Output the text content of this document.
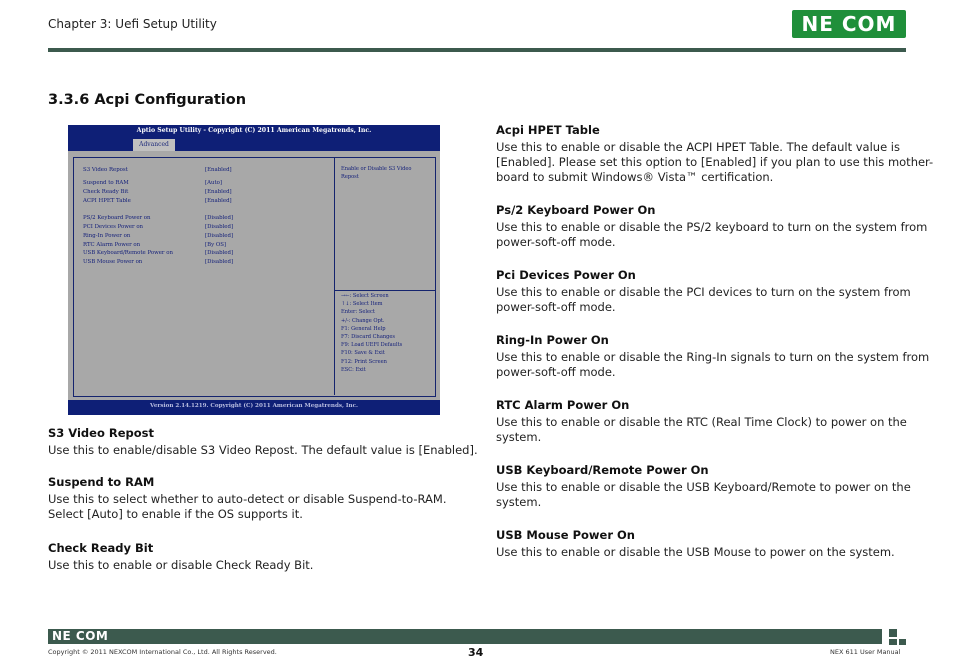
Chapter 3: Uefi Setup Utility	NE COM
3.3.6 Acpi Configuration
Aptio Setup Utility - Copyright (C) 2011 American Megatrends, Inc.
Advanced
S3 Video Repost	[Enabled]
Suspend to RAM	[Auto]
Check Ready Bit	[Enabled]
ACPI HPET Table	[Enabled]
PS/2 Keyboard Power on	[Disabled]
PCI Devices Power on	[Disabled]
Ring-In Power on	[Disabled]
RTC Alarm Power on	[By OS]
USB Keyboard/Remote Power on	[Disabled]
USB Mouse Power on	[Disabled]
Enable or Disable S3 Video Repost
→←: Select Screen
↑↓: Select Item
Enter: Select
+/-: Change Opt.
F1: General Help
F7: Discard Changes
F9: Load UEFI Defaults
F10: Save & Exit
F12: Print Screen
ESC: Exit
Version 2.14.1219. Copyright (C) 2011 American Megatrends, Inc.
S3 Video Repost
Use this to enable/disable S3 Video Repost. The default value is [Enabled].
Suspend to RAM
Use this to select whether to auto-detect or disable Suspend-to-RAM.
Select [Auto] to enable if the OS supports it.
Check Ready Bit
Use this to enable or disable Check Ready Bit.
Acpi HPET Table
Use this to enable or disable the ACPI HPET Table. The default value is
[Enabled]. Please set this option to [Enabled] if you plan to use this mother-
board to submit Windows® Vista™ certification.
Ps/2 Keyboard Power On
Use this to enable or disable the PS/2 keyboard to turn on the system from
power-soft-off mode.
Pci Devices Power On
Use this to enable or disable the PCI devices to turn on the system from
power-soft-off mode.
Ring-In Power On
Use this to enable or disable the Ring-In signals to turn on the system from
power-soft-off mode.
RTC Alarm Power On
Use this to enable or disable the RTC (Real Time Clock) to power on the
system.
USB Keyboard/Remote Power On
Use this to enable or disable the USB Keyboard/Remote to power on the
system.
USB Mouse Power On
Use this to enable or disable the USB Mouse to power on the system.
NE COM
Copyright © 2011 NEXCOM International Co., Ltd. All Rights Reserved.	34	NEX 611 User Manual
